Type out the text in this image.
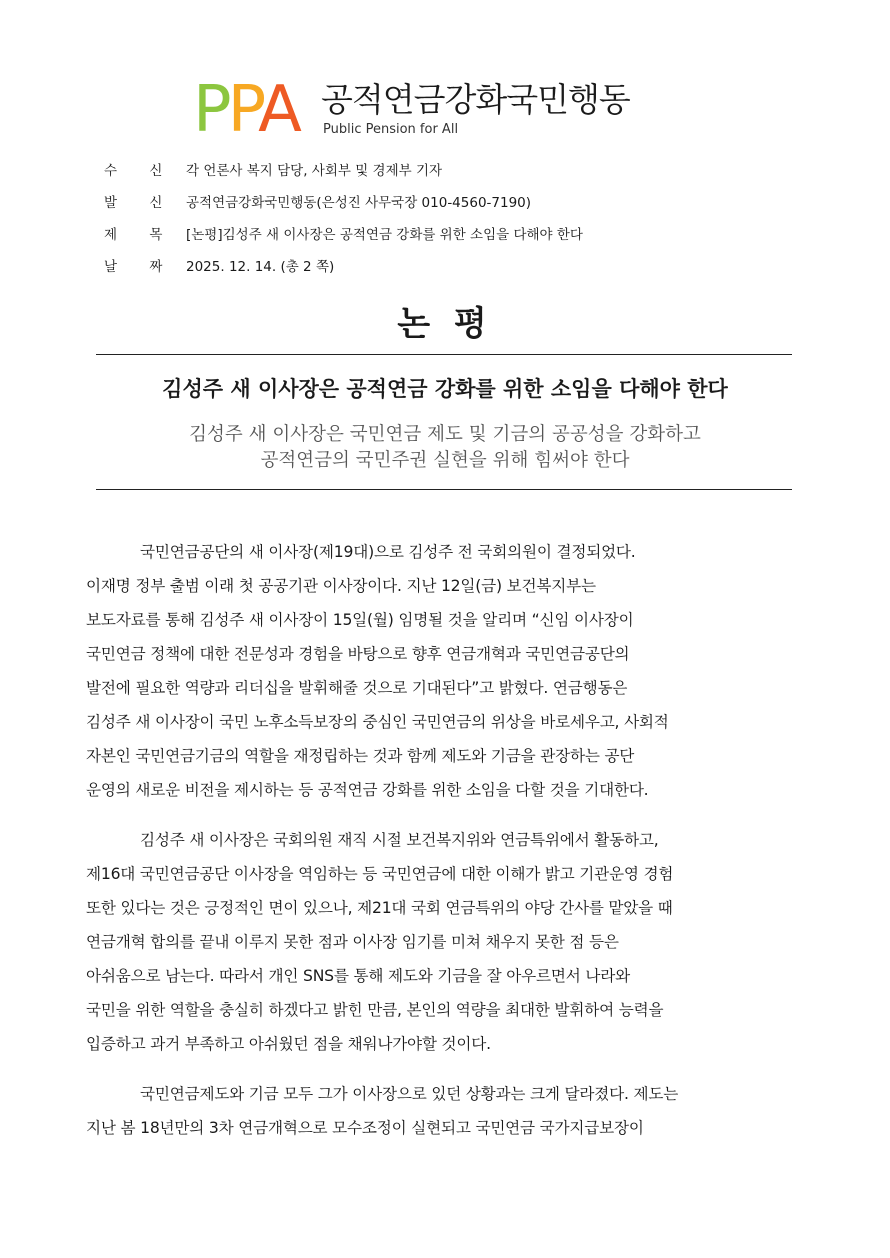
PPA 공적연금강화국민행동
Public Pension for All
수 신 각 언론사 복지 담당, 사회부 및 경제부 기자
발 신 공적연금강화국민행동(은성진 사무국장 010-4560-7190)
제 목 [논평]김성주 새 이사장은 공적연금 강화를 위한 소임을 다해야 한다
날 짜 2025. 12. 14. (총 2 쪽)
논 평
김성주 새 이사장은 공적연금 강화를 위한 소임을 다해야 한다
김성주 새 이사장은 국민연금 제도 및 기금의 공공성을 강화하고
공적연금의 국민주권 실현을 위해 힘써야 한다
국민연금공단의 새 이사장(제19대)으로 김성주 전 국회의원이 결정되었다.
이재명 정부 출범 이래 첫 공공기관 이사장이다. 지난 12일(금) 보건복지부는
보도자료를 통해 김성주 새 이사장이 15일(월) 임명될 것을 알리며 “신임 이사장이
국민연금 정책에 대한 전문성과 경험을 바탕으로 향후 연금개혁과 국민연금공단의
발전에 필요한 역량과 리더십을 발휘해줄 것으로 기대된다”고 밝혔다. 연금행동은
김성주 새 이사장이 국민 노후소득보장의 중심인 국민연금의 위상을 바로세우고, 사회적
자본인 국민연금기금의 역할을 재정립하는 것과 함께 제도와 기금을 관장하는 공단
운영의 새로운 비전을 제시하는 등 공적연금 강화를 위한 소임을 다할 것을 기대한다.
김성주 새 이사장은 국회의원 재직 시절 보건복지위와 연금특위에서 활동하고,
제16대 국민연금공단 이사장을 역임하는 등 국민연금에 대한 이해가 밝고 기관운영 경험
또한 있다는 것은 긍정적인 면이 있으나, 제21대 국회 연금특위의 야당 간사를 맡았을 때
연금개혁 합의를 끝내 이루지 못한 점과 이사장 임기를 미쳐 채우지 못한 점 등은
아쉬움으로 남는다. 따라서 개인 SNS를 통해 제도와 기금을 잘 아우르면서 나라와
국민을 위한 역할을 충실히 하겠다고 밝힌 만큼, 본인의 역량을 최대한 발휘하여 능력을
입증하고 과거 부족하고 아쉬웠던 점을 채워나가야할 것이다.
국민연금제도와 기금 모두 그가 이사장으로 있던 상황과는 크게 달라졌다. 제도는
지난 봄 18년만의 3차 연금개혁으로 모수조정이 실현되고 국민연금 국가지급보장이
